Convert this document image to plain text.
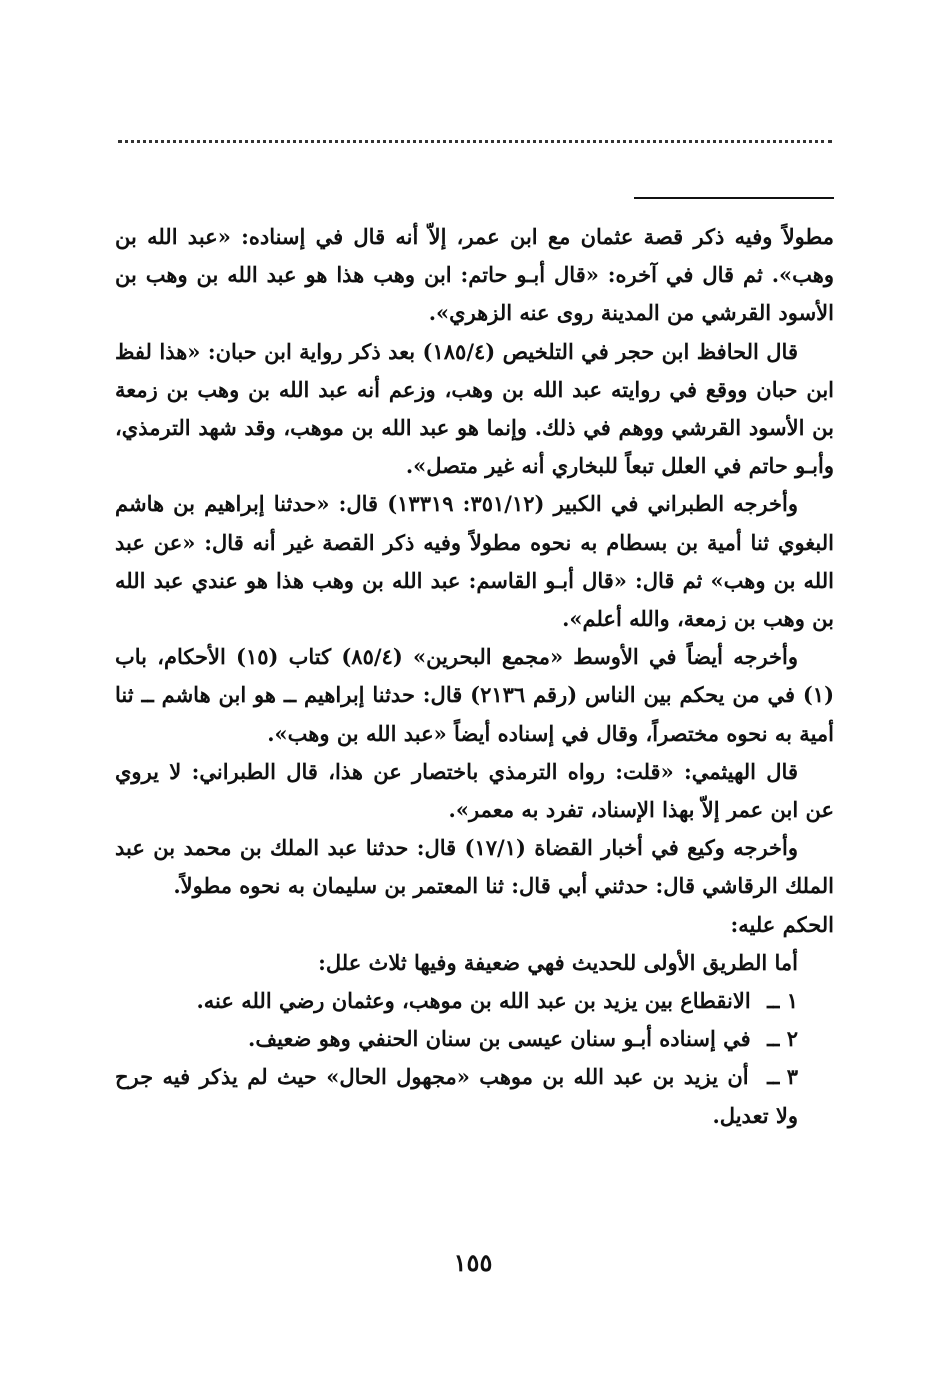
مطولاً وفيه ذكر قصة عثمان مع ابن عمر، إلاّ أنه قال في إسناده: «عبد الله بن وهب». ثم قال في آخره: «قال أبـو حاتم: ابن وهب هذا هو عبد الله بن وهب بن الأسود القرشي من المدينة روى عنه الزهري».

قال الحافظ ابن حجر في التلخيص (١٨٥/٤) بعد ذكر رواية ابن حبان: «هذا لفظ ابن حبان ووقع في روايته عبد الله بن وهب، وزعم أنه عبد الله بن وهب بن زمعة بن الأسود القرشي ووهم في ذلك. وإنما هو عبد الله بن موهب، وقد شهد الترمذي، وأبـو حاتم في العلل تبعاً للبخاري أنه غير متصل».

وأخرجه الطبراني في الكبير (٣٥١/١٢: ١٣٣١٩) قال: «حدثنا إبراهيم بن هاشم البغوي ثنا أمية بن بسطام به نحوه مطولاً وفيه ذكر القصة غير أنه قال: «عن عبد الله بن وهب» ثم قال: «قال أبـو القاسم: عبد الله بن وهب هذا هو عندي عبد الله بن وهب بن زمعة، والله أعلم».

وأخرجه أيضاً في الأوسط «مجمع البحرين» (٨٥/٤) كتاب (١٥) الأحكام، باب (١) في من يحكم بين الناس (رقم ٢١٣٦) قال: حدثنا إبراهيم ــ هو ابن هاشم ــ ثنا أمية به نحوه مختصراً، وقال في إسناده أيضاً «عبد الله بن وهب».

قال الهيثمي: «قلت: رواه الترمذي باختصار عن هذا، قال الطبراني: لا يروي عن ابن عمر إلاّ بهذا الإسناد، تفرد به معمر».

وأخرجه وكيع في أخبار القضاة (١٧/١) قال: حدثنا عبد الملك بن محمد بن عبد الملك الرقاشي قال: حدثني أبي قال: ثنا المعتمر بن سليمان به نحوه مطولاً.

الحكم عليه:

أما الطريق الأولى للحديث فهي ضعيفة وفيها ثلاث علل:

١ ــ الانقطاع بين يزيد بن عبد الله بن موهب، وعثمان رضي الله عنه.

٢ ــ في إسناده أبـو سنان عيسى بن سنان الحنفي وهو ضعيف.

٣ ــ أن يزيد بن عبد الله بن موهب «مجهول الحال» حيث لم يذكر فيه جرح ولا تعديل.

١٥٥
